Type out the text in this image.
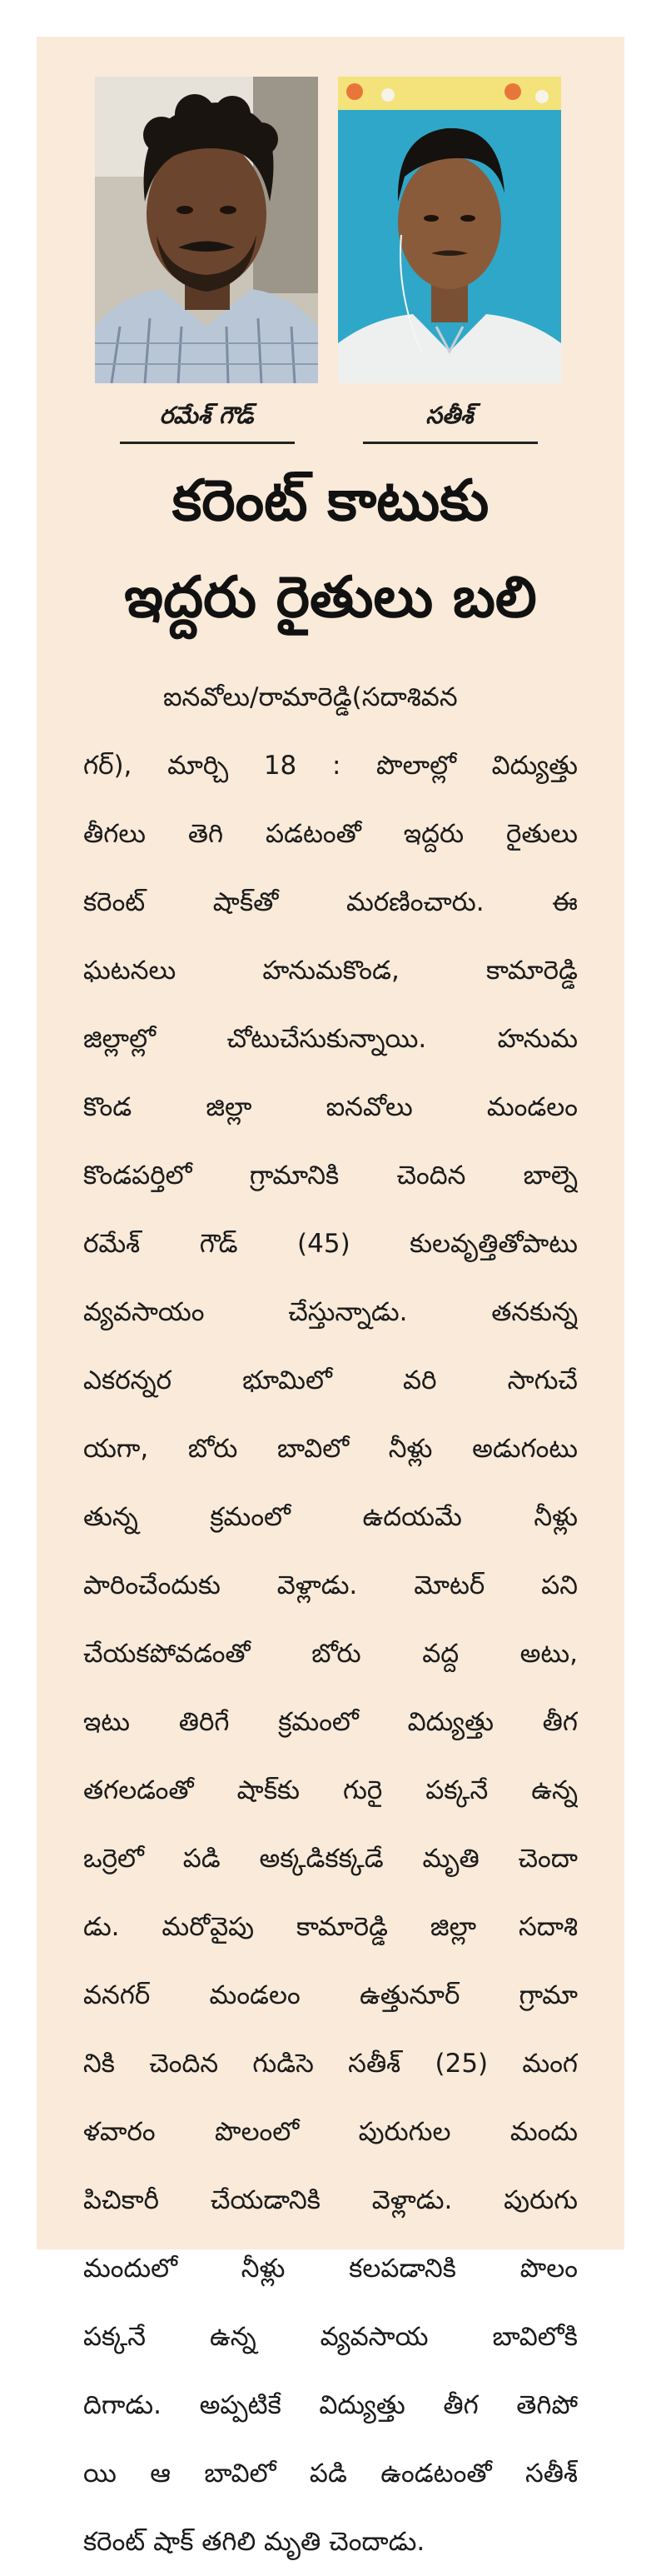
రమేశ్‌ గౌడ్‌	సతీశ్‌
కరెంట్‌ కాటుకు
ఇద్దరు రైతులు బలి
ఐనవోలు/రామారెడ్డి(సదాశివన
గర్‌), మార్చి 18 : పొలాల్లో విద్యుత్తు
తీగలు తెగి పడటంతో ఇద్దరు రైతులు
కరెంట్‌ షాక్‌తో మరణించారు. ఈ
ఘటనలు హనుమకొండ, కామారెడ్డి
జిల్లాల్లో చోటుచేసుకున్నాయి. హనుమ
కొండ జిల్లా ఐనవోలు మండలం
కొండపర్తిలో గ్రామానికి చెందిన బాల్నె
రమేశ్‌ గౌడ్‌ (45) కులవృత్తితోపాటు
వ్యవసాయం చేస్తున్నాడు. తనకున్న
ఎకరన్నర భూమిలో వరి సాగుచే
యగా, బోరు బావిలో నీళ్లు అడుగంటు
తున్న క్రమంలో ఉదయమే నీళ్లు
పారించేందుకు వెళ్లాడు. మోటర్‌ పని
చేయకపోవడంతో బోరు వద్ద అటు,
ఇటు తిరిగే క్రమంలో విద్యుత్తు తీగ
తగలడంతో షాక్‌కు గురై పక్కనే ఉన్న
ఒర్రెలో పడి అక్కడికక్కడే మృతి చెందా
డు. మరోవైపు కామారెడ్డి జిల్లా సదాశి
వనగర్‌ మండలం ఉత్తునూర్‌ గ్రామా
నికి చెందిన గుడిసె సతీశ్‌ (25) మంగ
ళవారం పొలంలో పురుగుల మందు
పిచికారీ చేయడానికి వెళ్లాడు. పురుగు
మందులో నీళ్లు కలపడానికి పొలం
పక్కనే ఉన్న వ్యవసాయ బావిలోకి
దిగాడు. అప్పటికే విద్యుత్తు తీగ తెగిపో
యి ఆ బావిలో పడి ఉండటంతో సతీశ్‌
కరెంట్‌ షాక్‌ తగిలి మృతి చెందాడు.
